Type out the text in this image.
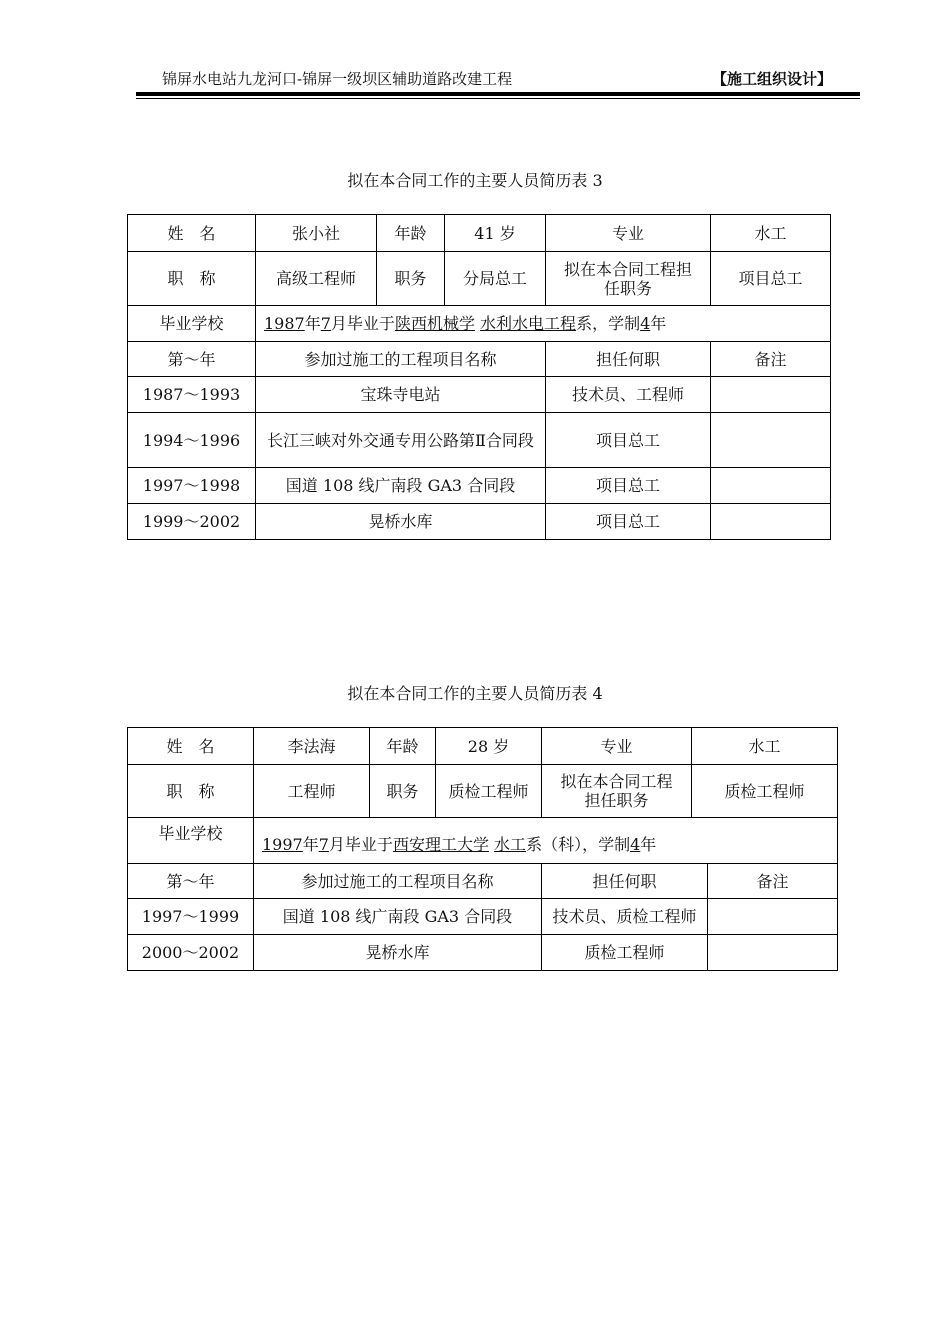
锦屏水电站九龙河口-锦屏一级坝区辅助道路改建工程	【施工组织设计】
拟在本合同工作的主要人员简历表 3
姓　名	张小社	年龄	41 岁	专业	水工
职　称	高级工程师	职务	分局总工	拟在本合同工程担任职务	项目总工
毕业学校	1987年7月毕业于陕西机械学 水利水电工程系，学制4年				
第～年	参加过施工的工程项目名称			担任何职	备注
1987～1993	宝珠寺电站			技术员、工程师	
1994～1996	长江三峡对外交通专用公路第Ⅱ合同段			项目总工	
1997～1998	国道 108 线广南段 GA3 合同段			项目总工	
1999～2002	晃桥水库			项目总工	
拟在本合同工作的主要人员简历表 4
姓　名	李法海	年龄	28 岁	专业	水工	
职　称	工程师	职务	质检工程师	拟在本合同工程担任职务	质检工程师	
毕业学校	1997年7月毕业于西安理工大学 水工系（科），学制4年					
第～年	参加过施工的工程项目名称			担任何职		备注
1997～1999	国道 108 线广南段 GA3 合同段			技术员、质检工程师		
2000～2002	晃桥水库			质检工程师		
